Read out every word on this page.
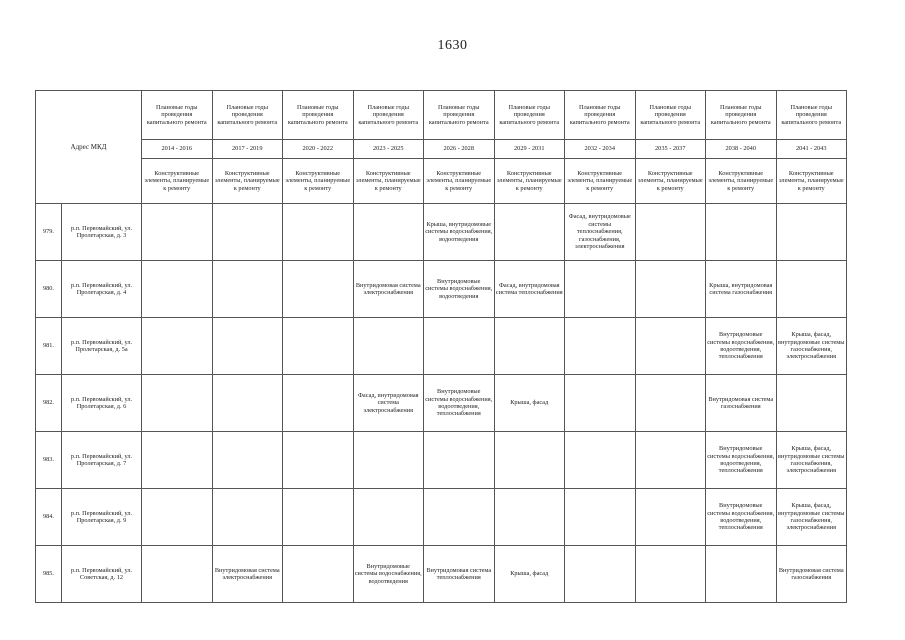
1630
Адрес МКД		Плановые годы проведения капитального ремонта	Плановые годы проведения капитального ремонта	Плановые годы проведения капитального ремонта	Плановые годы проведения капитального ремонта	Плановые годы проведения капитального ремонта	Плановые годы проведения капитального ремонта	Плановые годы проведения капитального ремонта	Плановые годы проведения капитального ремонта	Плановые годы проведения капитального ремонта	Плановые годы проведения капитального ремонта
		2014 - 2016	2017 - 2019	2020 - 2022	2023 - 2025	2026 - 2028	2029 - 2031	2032 - 2034	2035 - 2037	2038 - 2040	2041 - 2043
		Конструктивные элементы, планируемые к ремонту	Конструктивные элементы, планируемые к ремонту	Конструктивные элементы, планируемые к ремонту	Конструктивные элементы, планируемые к ремонту	Конструктивные элементы, планируемые к ремонту	Конструктивные элементы, планируемые к ремонту	Конструктивные элементы, планируемые к ремонту	Конструктивные элементы, планируемые к ремонту	Конструктивные элементы, планируемые к ремонту	Конструктивные элементы, планируемые к ремонту
979.	р.п. Первомайский, ул. Пролетарская, д. 3					Крыша, внутридомовые системы водоснабжения, водоотведения		Фасад, внутридомовые системы теплоснабжения, газоснабжения, электроснабжения			
980.	р.п. Первомайский, ул. Пролетарская, д. 4				Внутридомовая система электроснабжения	Внутридомовые системы водоснабжения, водоотведения	Фасад, внутридомовая система теплоснабжения			Крыша, внутридомовая система газоснабжения	
981.	р.п. Первомайский, ул. Пролетарская, д. 5а									Внутридомовые системы водоснабжения, водоотведения, теплоснабжения	Крыша, фасад, внутридомовые системы газоснабжения, электроснабжения
982.	р.п. Первомайский, ул. Пролетарская, д. 6				Фасад, внутридомовая система электроснабжения	Внутридомовые системы водоснабжения, водоотведения, теплоснабжения	Крыша, фасад			Внутридомовая система газоснабжения	
983.	р.п. Первомайский, ул. Пролетарская, д. 7									Внутридомовые системы водоснабжения, водоотведения, теплоснабжения	Крыша, фасад, внутридомовые системы газоснабжения, электроснабжения
984.	р.п. Первомайский, ул. Пролетарская, д. 9									Внутридомовые системы водоснабжения, водоотведения, теплоснабжения	Крыша, фасад, внутридомовые системы газоснабжения, электроснабжения
985.	р.п. Первомайский, ул. Советская, д. 12		Внутридомовая система электроснабжения		Внутридомовые системы водоснабжения, водоотведения	Внутридомовая система теплоснабжения	Крыша, фасад				Внутридомовая система газоснабжения
